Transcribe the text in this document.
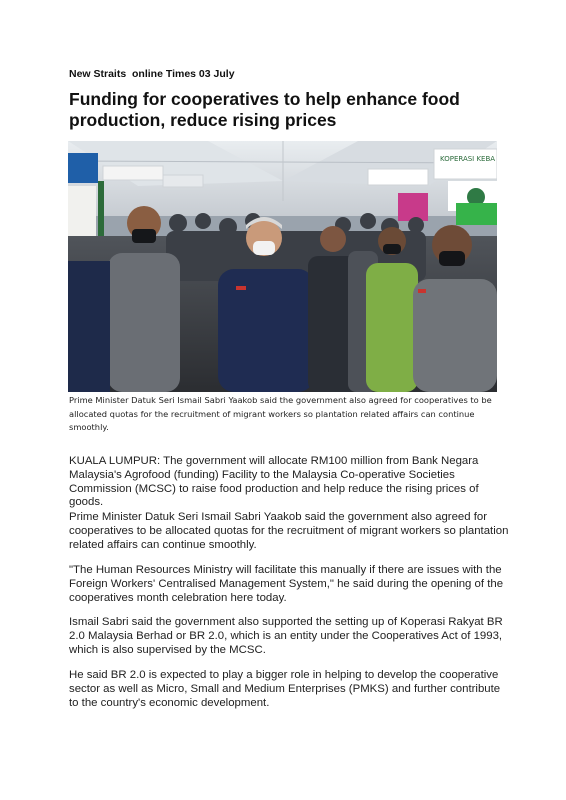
New Straits  online Times 03 July
Funding for cooperatives to help enhance food production, reduce rising prices
KOPERASI KEBA

Prime Minister Datuk Seri Ismail Sabri Yaakob said the government also agreed for cooperatives to be allocated quotas for the recruitment of migrant workers so plantation related affairs can continue smoothly.

KUALA LUMPUR: The government will allocate RM100 million from Bank Negara Malaysia's Agrofood (funding) Facility to the Malaysia Co-operative Societies Commission (MCSC) to raise food production and help reduce the rising prices of goods.

Prime Minister Datuk Seri Ismail Sabri Yaakob said the government also agreed for cooperatives to be allocated quotas for the recruitment of migrant workers so plantation related affairs can continue smoothly.

"The Human Resources Ministry will facilitate this manually if there are issues with the Foreign Workers' Centralised Management System," he said during the opening of the cooperatives month celebration here today.

Ismail Sabri said the government also supported the setting up of Koperasi Rakyat BR 2.0 Malaysia Berhad or BR 2.0, which is an entity under the Cooperatives Act of 1993, which is also supervised by the MCSC.

He said BR 2.0 is expected to play a bigger role in helping to develop the cooperative sector as well as Micro, Small and Medium Enterprises (PMKS) and further contribute to the country's economic development.
